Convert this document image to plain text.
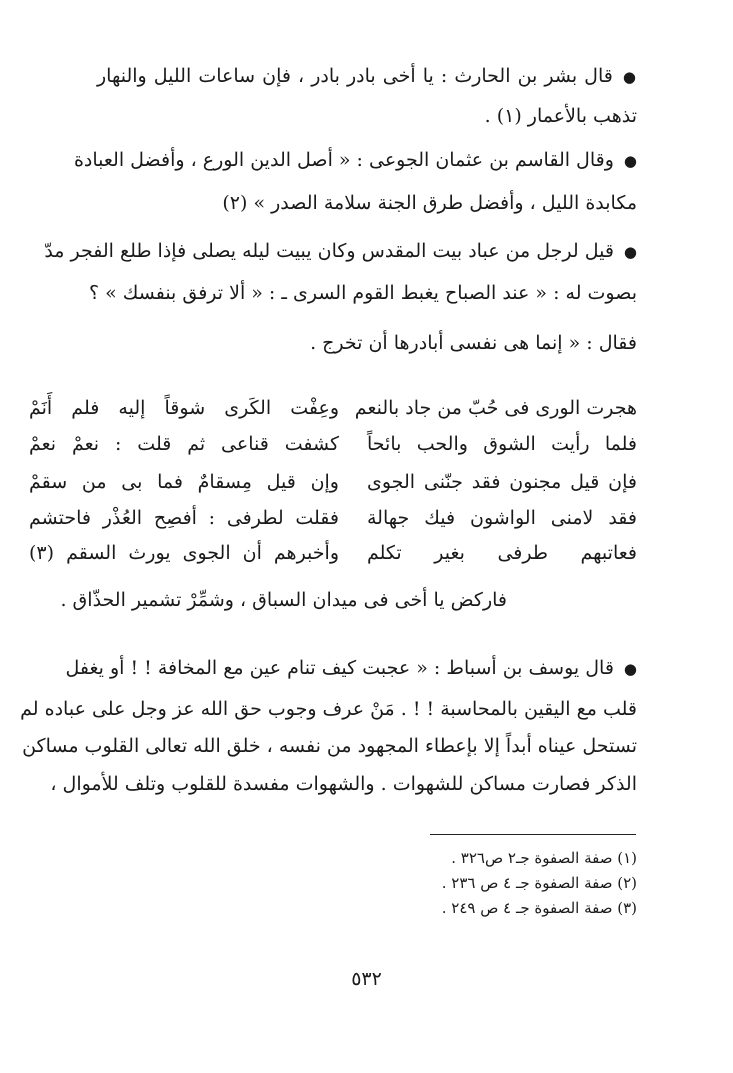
●قال بشر بن الحارث : يا أخى بادر بادر ، فإن ساعات الليل والنهار
تذهب بالأعمار (١) .
●وقال القاسم بن عثمان الجوعى : « أصل الدين الورع ، وأفضل العبادة
مكابدة الليل ، وأفضل طرق الجنة سلامة الصدر » (٢)
●قيل لرجل من عباد بيت المقدس وكان يبيت ليله يصلى فإذا طلع الفجر مدّ
بصوت له : « عند الصباح يغبط القوم السرى ـ : « ألا ترفق بنفسك » ؟
فقال : « إنما هى نفسى أبادرها أن تخرج .
هجرت الورى فى حُبّ من جاد بالنعم
وعِفْت الكَرى شوقاً إليه فلم أَنَمْ
فلما رأيت الشوق والحب بائحاً
كشفت قناعى ثم قلت : نعمْ نعمْ
فإن قيل مجنون فقد جنّنى الجوى
وإن قيل مِسقامٌ فما بى من سقمْ
فقد لامنى الواشون فيك جهالة
فقلت لطرفى : أفصِح العُذْر فاحتشم
فعاتبهم طرفى بغير تكلم
وأخبرهم أن الجوى يورث السقم (٣)
فاركض يا أخى فى ميدان السباق ، وشمِّرْ تشمير الحذّاق .
●قال يوسف بن أسباط : « عجبت كيف تنام عين مع المخافة ! ! أو يغفل
قلب مع اليقين بالمحاسبة ! ! . مَنْ عرف وجوب حق الله عز وجل على عباده لم
تستحل عيناه أبداً إلا بإعطاء المجهود من نفسه ، خلق الله تعالى القلوب مساكن
الذكر فصارت مساكن للشهوات . والشهوات مفسدة للقلوب وتلف للأموال ،
(١) صفة الصفوة جـ٢ ص٣٢٦ .
(٢) صفة الصفوة جـ ٤ ص ٢٣٦ .
(٣) صفة الصفوة جـ ٤ ص ٢٤٩ .
٥٣٢
